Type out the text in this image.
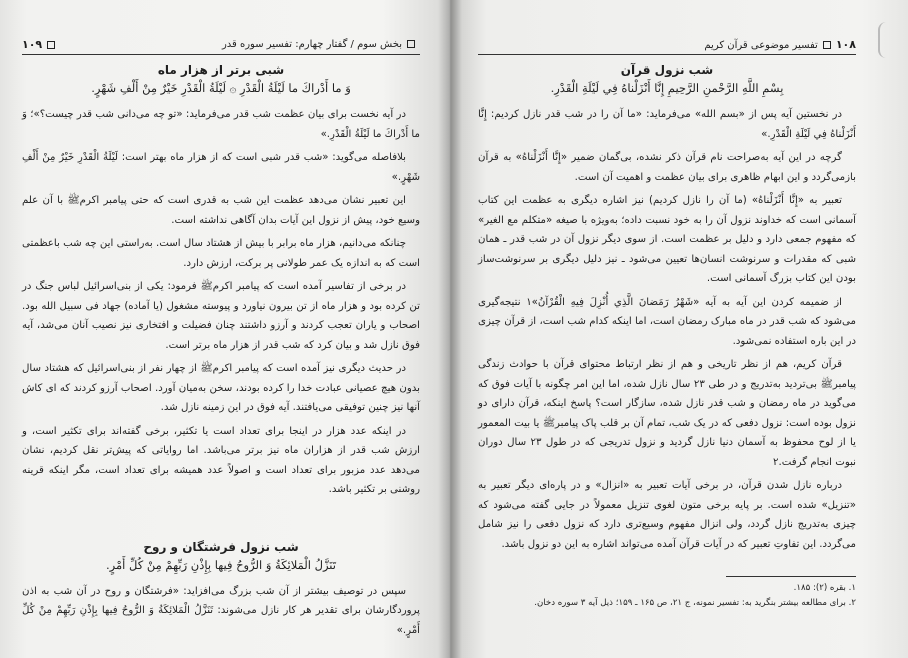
بخش سوم / گفتار چهارم: تفسیر سوره قدر
۱۰۹
شبی برتر از هزار ماه
وَ ما أَدْراكَ ما لَيْلَةُ الْقَدْرِ ۞ لَيْلَةُ الْقَدْرِ خَيْرٌ مِنْ أَلْفِ شَهْرٍ.

در آیه نخست برای بیان عظمت شب قدر می‌فرماید: «تو چه می‌دانی شب قدر چیست؟»؛ وَ ما أَدْراكَ ما لَيْلَةُ الْقَدْرِ.»

بلافاصله می‌گوید: «شب قدر شبی است که از هزار ماه بهتر است: لَيْلَةُ الْقَدْرِ خَيْرٌ مِنْ أَلْفِ شَهْرٍ.»

این تعبیر نشان می‌دهد عظمت این شب به قدری است که حتی پیامبر اکرمﷺ با آن علم وسیع خود، پیش از نزول این آیات بدان آگاهی نداشته است.

چنانکه می‌دانیم، هزار ماه برابر با بیش از هشتاد سال است. به‌راستی این چه شب باعظمتی است که به اندازه یک عمر طولانی پر برکت، ارزش دارد.

در برخی از تفاسیر آمده است که پیامبر اکرمﷺ فرمود: یکی از بنی‌اسرائیل لباس جنگ در تن کرده بود و هزار ماه از تن بیرون نیاورد و پیوسته مشغول (یا آماده) جهاد فی سبیل الله بود. اصحاب و یاران تعجب کردند و آرزو داشتند چنان فضیلت و افتخاری نیز نصیب آنان می‌شد، آیه فوق نازل شد و بیان کرد که شب قدر از هزار ماه برتر است.

در حدیث دیگری نیز آمده است که پیامبر اکرمﷺ از چهار نفر از بنی‌اسرائیل که هشتاد سال بدون هیچ عصیانی عبادت خدا را کرده بودند، سخن به‌میان آورد. اصحاب آرزو کردند که ای کاش آنها نیز چنین توفیقی می‌یافتند. آیه فوق در این زمینه نازل شد.

در اینکه عدد هزار در اینجا برای تعداد است یا تکثیر، برخی گفته‌اند برای تکثیر است، و ارزش شب قدر از هزاران ماه نیز برتر می‌باشد. اما روایاتی که پیش‌تر نقل کردیم، نشان می‌دهد عدد مزبور برای تعداد است و اصولاً عدد همیشه برای تعداد است، مگر اینکه قرینه روشنی بر تکثیر باشد.

شب نزول فرشتگان و روح
تَنَزَّلُ الْمَلائِكَةُ وَ الرُّوحُ فِيها بِإِذْنِ رَبِّهِمْ مِنْ كُلِّ أَمْرٍ.

سپس در توصیف بیشتر از آن شب بزرگ می‌افزاید: «فرشتگان و روح در آن شب به اذن پروردگارشان برای تقدیر هر کار نازل می‌شوند: تَنَزَّلُ الْمَلائِكَةُ وَ الرُّوحُ فِيها بِإِذْنِ رَبِّهِمْ مِنْ كُلِّ أَمْرٍ.»

۱۰۸تفسیر موضوعی قرآن کریم
شب نزول قرآن
بِسْمِ اللَّهِ الرَّحْمنِ الرَّحِيمِ إِنَّا أَنْزَلْناهُ فِي لَيْلَةِ الْقَدْرِ.

در نخستین آیه پس از «بسم الله» می‌فرماید: «ما آن را در شب قدر نازل کردیم: إِنَّا أَنْزَلْناهُ فِي لَيْلَةِ الْقَدْرِ.»

گرچه در این آیه به‌صراحت نام قرآن ذکر نشده، بی‌گمان ضمیر «إِنَّا أَنْزَلْناهُ» به قرآن بازمی‌گردد و این ابهام ظاهری برای بیان عظمت و اهمیت آن است.

تعبیر به «إِنَّا أَنْزَلْناهُ» (ما آن را نازل کردیم) نیز اشاره دیگری به عظمت این کتاب آسمانی است که خداوند نزول آن را به خود نسبت داده؛ به‌ویژه با صیغه «متکلم مع الغیر» که مفهوم جمعی دارد و دلیل بر عظمت است. از سوی دیگر نزول آن در شب قدر ـ همان شبی که مقدرات و سرنوشت انسان‌ها تعیین می‌شود ـ نیز دلیل دیگری بر سرنوشت‌ساز بودن این کتاب بزرگ آسمانی است.

از ضمیمه کردن این آیه به آیه «شَهْرُ رَمَضانَ الَّذِي أُنْزِلَ فِيهِ الْقُرْآنُ»۱ نتیجه‌گیری می‌شود که شب قدر در ماه مبارک رمضان است، اما اینکه کدام شب است، از قرآن چیزی در این باره استفاده نمی‌شود.

قرآن کریم، هم از نظر تاریخی و هم از نظر ارتباط محتوای قرآن با حوادث زندگی پیامبرﷺ بی‌تردید به‌تدریج و در طی ۲۳ سال نازل شده، اما این امر چگونه با آیات فوق که می‌گوید در ماه رمضان و شب قدر نازل شده، سازگار است؟ پاسخ اینکه، قرآن دارای دو نزول بوده است: نزول دفعی که در یک شب، تمام آن بر قلب پاک پیامبرﷺ یا بیت المعمور یا از لوح محفوظ به آسمان دنیا نازل گردید و نزول تدریجی که در طول ۲۳ سال دوران نبوت انجام گرفت.۲

درباره نازل شدن قرآن، در برخی آیات تعبیر به «انزال» و در پاره‌ای دیگر تعبیر به «تنزیل» شده است. بر پایه برخی متون لغوی تنزیل معمولاً در جایی گفته می‌شود که چیزی به‌تدریج نازل گردد، ولی انزال مفهوم وسیع‌تری دارد که نزول دفعی را نیز شامل می‌گردد. این تفاوتِ تعبیر که در آیات قرآن آمده می‌تواند اشاره به این دو نزول باشد.

۱. بقره (۲): ۱۸۵.

۲. برای مطالعه بیشتر بنگرید به: تفسیر نمونه، ج ۲۱، ص ۱۶۵ ـ ۱۵۹؛ ذیل آیه ۳ سوره دخان.
